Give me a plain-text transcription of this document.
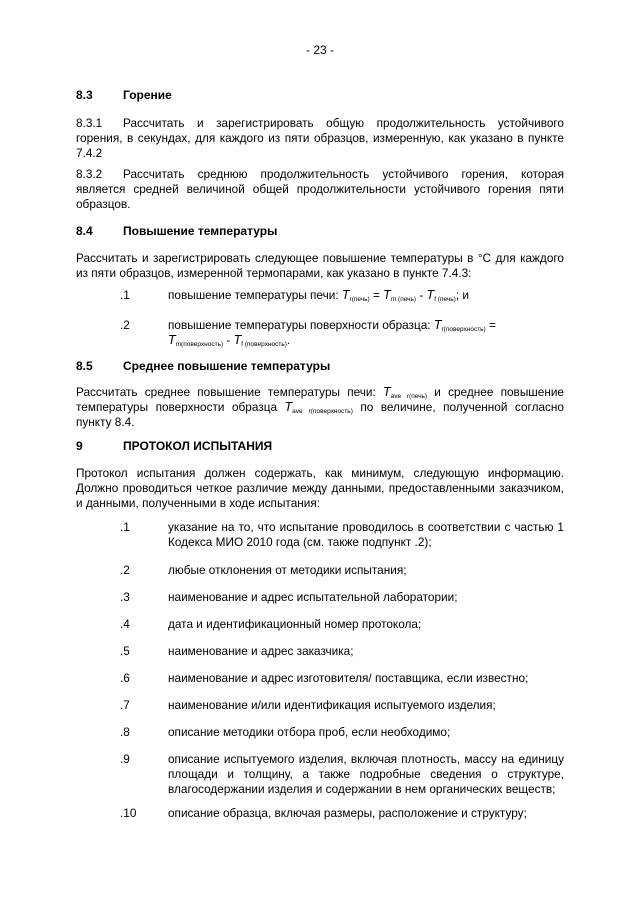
- 23 -
8.3	Горение
8.3.1 Рассчитать и зарегистрировать общую продолжительность устойчивого горения, в секундах, для каждого из пяти образцов, измеренную, как указано в пункте 7.4.2
8.3.2 Рассчитать среднюю продолжительность устойчивого горения, которая является средней величиной общей продолжительности устойчивого горения пяти образцов.
8.4	Повышение температуры
Рассчитать и зарегистрировать следующее повышение температуры в °C для каждого из пяти образцов, измеренной термопарами, как указано в пункте 7.4.3:
.1	повышение температуры печи: $T_{r(печь)} = T_{m (печь)} - T_{f (печь)}$; и
.2	повышение температуры поверхности образца: $T_{r(поверхность)}$ =
$T_{m(поверхность)} - T_{f (поверхность)}$.
8.5	Среднее повышение температуры
Рассчитать среднее повышение температуры печи: $T_{ave r(печь)}$ и среднее повышение температуры поверхности образца $T_{ave r(поверхность)}$ по величине, полученной согласно пункту 8.4.
9	ПРОТОКОЛ ИСПЫТАНИЯ
Протокол испытания должен содержать, как минимум, следующую информацию. Должно проводиться четкое различие между данными, предоставленными заказчиком, и данными, полученными в ходе испытания:
.1	указание на то, что испытание проводилось в соответствии с частью 1 Кодекса МИО 2010 года (см. также подпункт .2);
.2	любые отклонения от методики испытания;
.3	наименование и адрес испытательной лаборатории;
.4	дата и идентификационный номер протокола;
.5	наименование и адрес заказчика;
.6	наименование и адрес изготовителя/ поставщика, если известно;
.7	наименование и/или идентификация испытуемого изделия;
.8	описание методики отбора проб, если необходимо;
.9	описание испытуемого изделия, включая плотность, массу на единицу площади и толщину, а также подробные сведения о структуре, влагосодержании изделия и содержании в нем органических веществ;
.10	описание образца, включая размеры, расположение и структуру;
